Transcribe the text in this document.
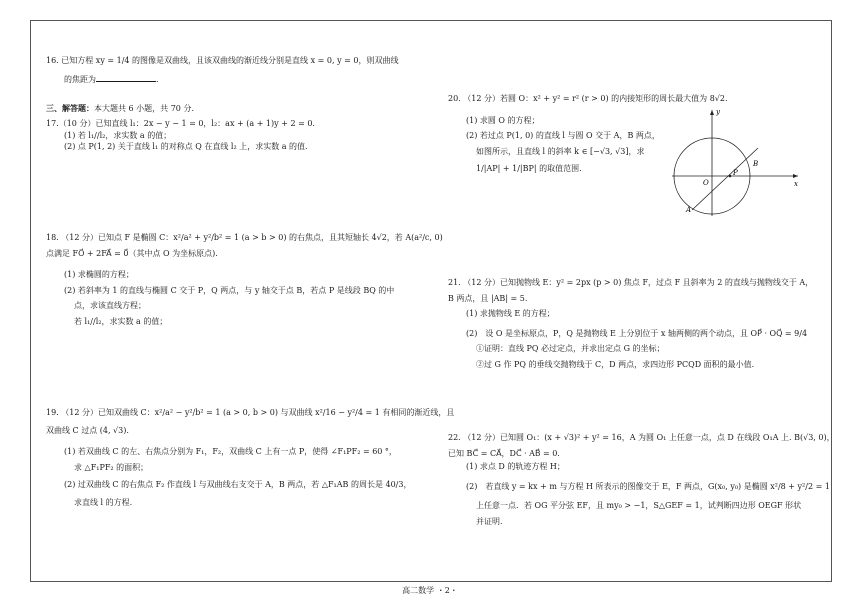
16. 已知方程 xy = 1/4 的图像是双曲线，且该双曲线的渐近线分别是直线 x = 0, y = 0，则双曲线
的焦距为	.
三、解答题：本大题共 6 小题，共 70 分.
17.（10 分）已知直线 l₁：2x − y − 1 = 0，l₂：ax + (a + 1)y + 2 = 0.
(1) 若 l₁//l₂，求实数 a 的值；
(2) 点 P(1, 2) 关于直线 l₁ 的对称点 Q 在直线 l₂ 上，求实数 a 的值.
18. （12 分）已知点 F 是椭圆 C：x²/a² + y²/b² = 1 (a > b > 0) 的右焦点，且其短轴长 4√2，若 A(a²/c, 0)
点满足 FO⃗ + 2FA⃗ = 0⃗（其中点 O 为坐标原点).
(1) 求椭圆的方程；
(2) 若斜率为 1 的直线与椭圆 C 交于 P，Q 两点，与 y 轴交于点 B，若点 P 是线段 BQ 的中
点，求该直线方程；
若 l₁//l₂，求实数 a 的值；
19. （12 分）已知双曲线 C：x²/a² − y²/b² = 1 (a > 0, b > 0) 与双曲线 x²/16 − y²/4 = 1 有相同的渐近线，且
双曲线 C 过点 (4, √3).
(1) 若双曲线 C 的左、右焦点分别为 F₁，F₂，双曲线 C 上有一点 P，使得 ∠F₁PF₂ = 60 °，
求 △F₁PF₂ 的面积；
(2) 过双曲线 C 的右焦点 F₂ 作直线 l 与双曲线右支交于 A，B 两点，若 △F₁AB 的周长是 40/3，
求直线 l 的方程.
20. （12 分）若圆 O：x² + y² = r² (r > 0) 的内接矩形的周长最大值为 8√2.
(1) 求圆 O 的方程；
(2) 若过点 P(1, 0) 的直线 l 与圆 O 交于 A，B 两点，
如图所示，且直线 l 的斜率 k ∈ [−√3, √3]，求
1/|AP| + 1/|BP| 的取值范围.
y
x
O
P
A
B
21. （12 分）已知抛物线 E：y² = 2px (p > 0) 焦点 F，过点 F 且斜率为 2 的直线与抛物线交于 A，
B 两点，且 |AB| = 5.
(1) 求抛物线 E 的方程；
(2)　设 O 是坐标原点，P，Q 是抛物线 E 上分别位于 x 轴两侧的两个动点，且 OP⃗ · OQ⃗ = 9/4
①证明：直线 PQ 必过定点，并求出定点 G 的坐标；
②过 G 作 PQ 的垂线交抛物线于 C，D 两点，求四边形 PCQD 面积的最小值.
22. （12 分）已知圆 O₁：(x + √3)² + y² = 16，A 为圆 O₁ 上任意一点，点 D 在线段 O₁A 上. B(√3, 0)，
已知 BC⃗ = CA⃗，DC⃗ · AB⃗ = 0.
(1) 求点 D 的轨迹方程 H；
(2)　若直线 y = kx + m 与方程 H 所表示的图像交于 E，F 两点，G(x₀, y₀) 是椭圆 x²/8 + y²/2 = 1
上任意一点．若 OG 平分弦 EF，且 my₀ > −1，S△GEF = 1，试判断四边形 OEGF 形状
并证明.
高二数学 ・2・
